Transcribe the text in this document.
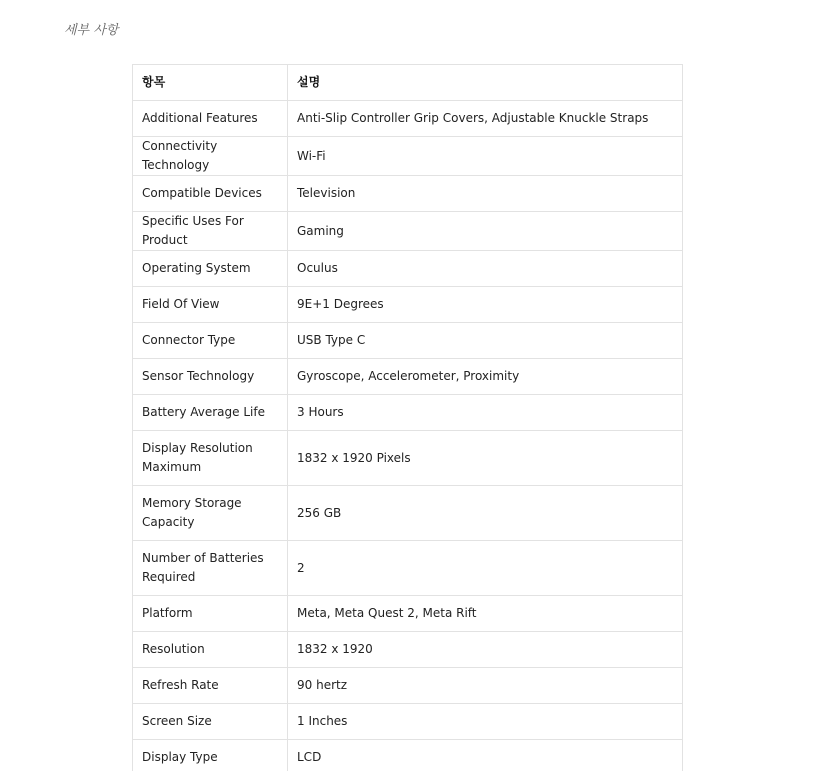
세부 사항
항목	설명
Additional Features	Anti-Slip Controller Grip Covers, Adjustable Knuckle Straps
Connectivity Technology	Wi-Fi
Compatible Devices	Television
Specific Uses For Product	Gaming
Operating System	Oculus
Field Of View	9E+1 Degrees
Connector Type	USB Type C
Sensor Technology	Gyroscope, Accelerometer, Proximity
Battery Average Life	3 Hours
Display Resolution Maximum	1832 x 1920 Pixels
Memory Storage Capacity	256 GB
Number of Batteries Required	2
Platform	Meta, Meta Quest 2, Meta Rift
Resolution	1832 x 1920
Refresh Rate	90 hertz
Screen Size	1 Inches
Display Type	LCD
